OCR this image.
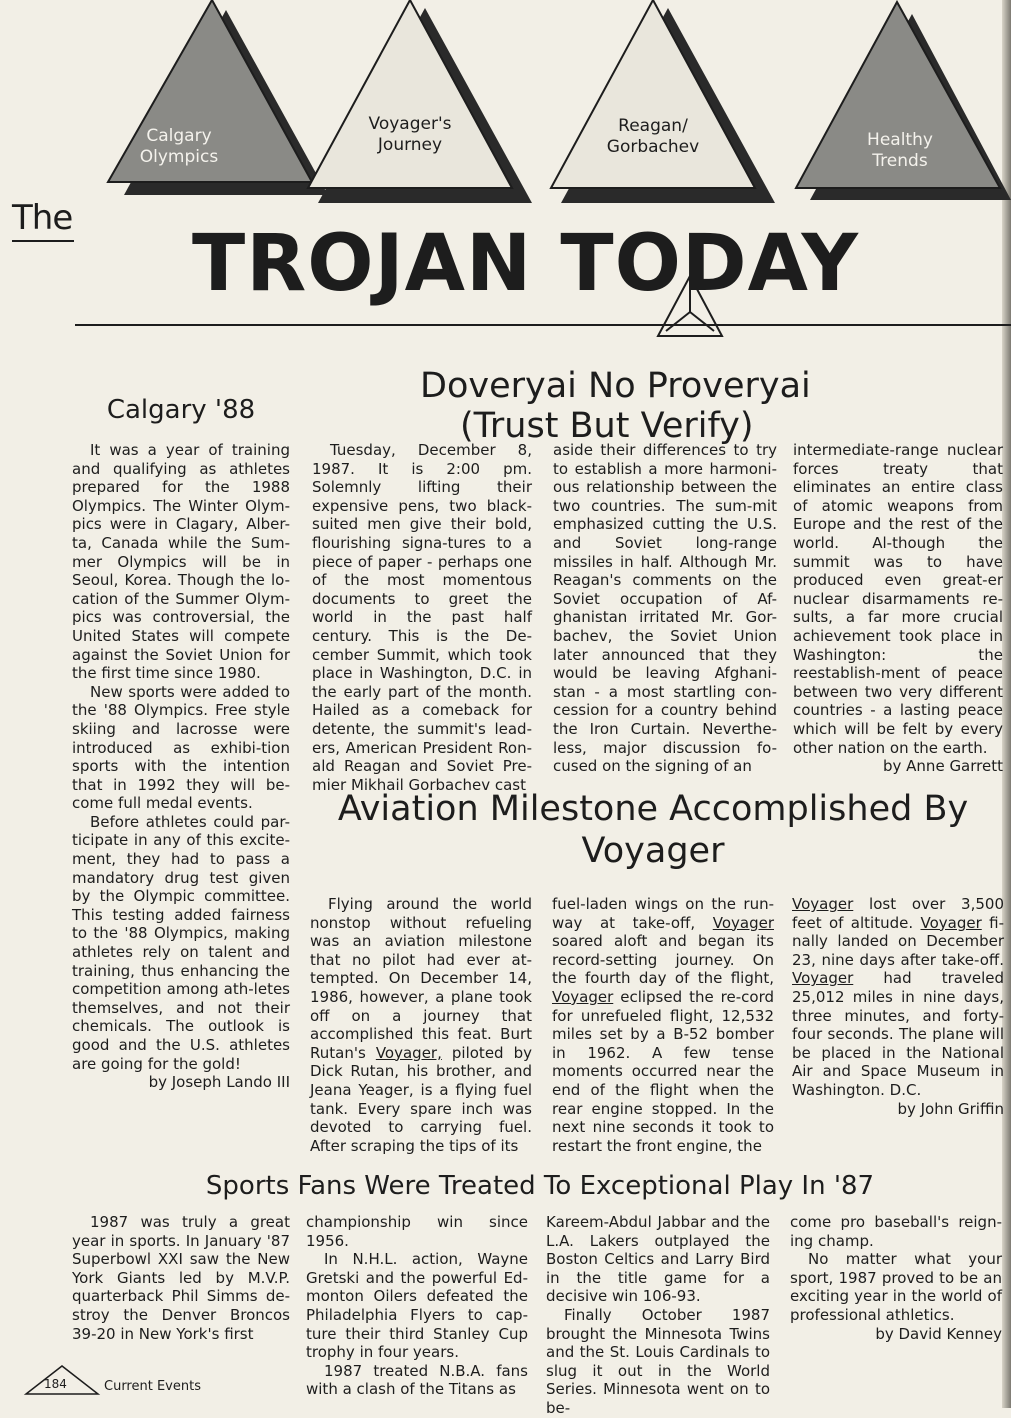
Calgary
Olympics
Voyager's
Journey
Reagan/
Gorbachev	Healthy
Trends
The
TROJAN TODAY
Calgary '88

It was a year of training and qualifying as athletes prepared for the 1988 Olympics. The Winter Olym-pics were in Clagary, Alber-ta, Canada while the Sum-mer Olympics will be in Seoul, Korea. Though the lo-cation of the Summer Olym-pics was controversial, the United States will compete against the Soviet Union for the first time since 1980.

New sports were added to the '88 Olympics. Free style skiing and lacrosse were introduced as exhibi-tion sports with the intention that in 1992 they will be-come full medal events.

Before athletes could par-ticipate in any of this excite-ment, they had to pass a mandatory drug test given by the Olympic committee. This testing added fairness to the '88 Olympics, making athletes rely on talent and training, thus enhancing the competition among ath-letes themselves, and not their chemicals. The outlook is good and the U.S. athletes are going for the gold!

by Joseph Lando III

Doveryai No Proveryai
(Trust But Verify)

Tuesday, December 8, 1987. It is 2:00 pm. Solemnly lifting their expensive pens, two black-suited men give their bold, flourishing signa-tures to a piece of paper - perhaps one of the most momentous documents to greet the world in the past half century. This is the De-cember Summit, which took place in Washington, D.C. in the early part of the month. Hailed as a comeback for detente, the summit's lead-ers, American President Ron-ald Reagan and Soviet Pre-mier Mikhail Gorbachev cast

aside their differences to try to establish a more harmoni-ous relationship between the two countries. The sum-mit emphasized cutting the U.S. and Soviet long-range missiles in half. Although Mr. Reagan's comments on the Soviet occupation of Af-ghanistan irritated Mr. Gor-bachev, the Soviet Union later announced that they would be leaving Afghani-stan - a most startling con-cession for a country behind the Iron Curtain. Neverthe-less, major discussion fo-cused on the signing of an

intermediate-range nuclear forces treaty that eliminates an entire class of atomic weapons from Europe and the rest of the world. Al-though the summit was to have produced even great-er nuclear disarmaments re-sults, a far more crucial achievement took place in Washington: the reestablish-ment of peace between two very different countries - a lasting peace which will be felt by every other nation on the earth.

by Anne Garrett

Aviation Milestone Accomplished By
Voyager

Flying around the world nonstop without refueling was an aviation milestone that no pilot had ever at-tempted. On December 14, 1986, however, a plane took off on a journey that accomplished this feat. Burt Rutan's Voyager, piloted by Dick Rutan, his brother, and Jeana Yeager, is a flying fuel tank. Every spare inch was devoted to carrying fuel. After scraping the tips of its

fuel-laden wings on the run-way at take-off, Voyager soared aloft and began its record-setting journey. On the fourth day of the flight, Voyager eclipsed the re-cord for unrefueled flight, 12,532 miles set by a B-52 bomber in 1962. A few tense moments occurred near the end of the flight when the rear engine stopped. In the next nine seconds it took to restart the front engine, the

Voyager lost over 3,500 feet of altitude. Voyager fi-nally landed on December 23, nine days after take-off. Voyager had traveled 25,012 miles in nine days, three minutes, and forty-four seconds. The plane will be placed in the National Air and Space Museum in Washington. D.C.

by John Griffin

Sports Fans Were Treated To Exceptional Play In '87

1987 was truly a great year in sports. In January '87 Superbowl XXI saw the New York Giants led by M.V.P. quarterback Phil Simms de-stroy the Denver Broncos 39-20 in New York's first

championship win since 1956.

In N.H.L. action, Wayne Gretski and the powerful Ed-monton Oilers defeated the Philadelphia Flyers to cap-ture their third Stanley Cup trophy in four years.

1987 treated N.B.A. fans with a clash of the Titans as

Kareem-Abdul Jabbar and the L.A. Lakers outplayed the Boston Celtics and Larry Bird in the title game for a decisive win 106-93.

Finally October 1987 brought the Minnesota Twins and the St. Louis Cardinals to slug it out in the World Series. Minnesota went on to be-

come pro baseball's reign-ing champ.

No matter what your sport, 1987 proved to be an exciting year in the world of professional athletics.

by David Kenney

184	Current Events
